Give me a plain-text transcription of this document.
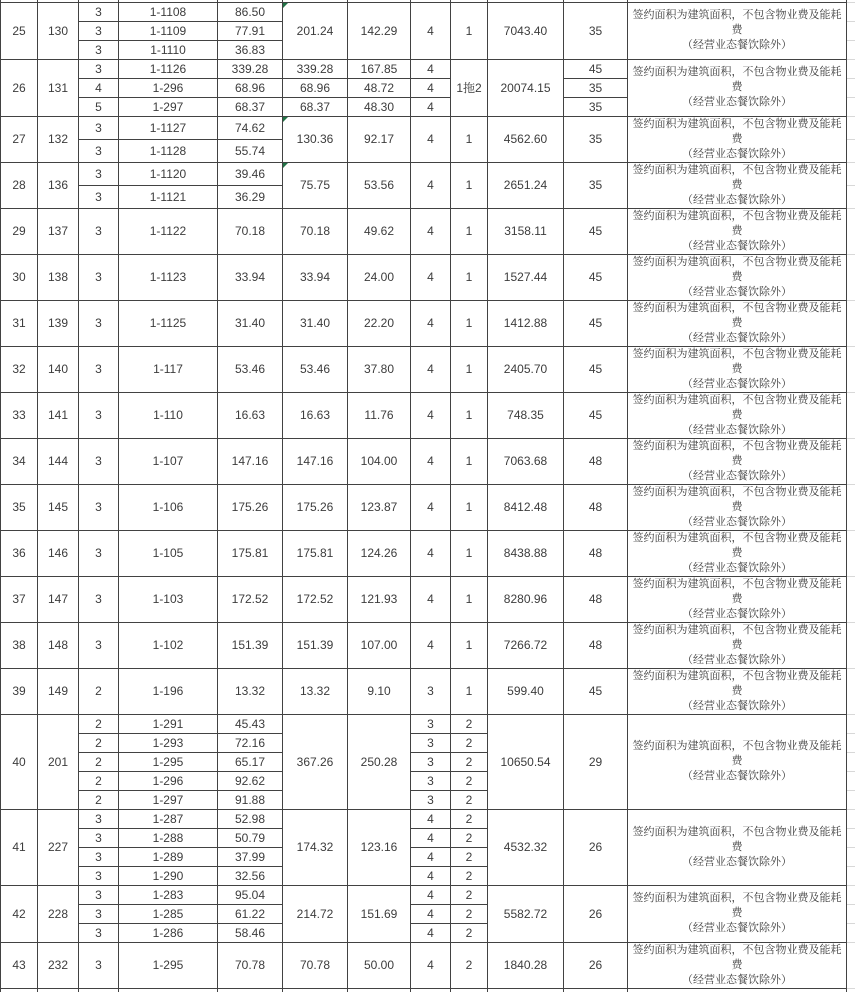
25	130	3	1-1108	86.50	201.24	142.29	4	1	7043.40	35	签约面积为建筑面积，不包含物业费及能耗费
（经营业态餐饮除外）	

		3	1-1109	77.91								
		3	1-1110	36.83								
26	131	3	1-1126	339.28	339.28	167.85	4	1拖2	20074.15	45	签约面积为建筑面积，不包含物业费及能耗费
（经营业态餐饮除外）	

		4	1-296	68.96	68.96	48.72	4			35		
		5	1-297	68.37	68.37	48.30	4			35		
27	132	3	1-1127	74.62	130.36	92.17	4	1	4562.60	35	签约面积为建筑面积，不包含物业费及能耗费
（经营业态餐饮除外）	

		3	1-1128	55.74								
28	136	3	1-1120	39.46	75.75	53.56	4	1	2651.24	35	签约面积为建筑面积，不包含物业费及能耗费
（经营业态餐饮除外）	

		3	1-1121	36.29								
29	137	3	1-1122	70.18	70.18	49.62	4	1	3158.11	45	签约面积为建筑面积，不包含物业费及能耗费
（经营业态餐饮除外）	

30	138	3	1-1123	33.94	33.94	24.00	4	1	1527.44	45	签约面积为建筑面积，不包含物业费及能耗费
（经营业态餐饮除外）	

31	139	3	1-1125	31.40	31.40	22.20	4	1	1412.88	45	签约面积为建筑面积，不包含物业费及能耗费
（经营业态餐饮除外）	

32	140	3	1-117	53.46	53.46	37.80	4	1	2405.70	45	签约面积为建筑面积，不包含物业费及能耗费
（经营业态餐饮除外）	

33	141	3	1-110	16.63	16.63	11.76	4	1	748.35	45	签约面积为建筑面积，不包含物业费及能耗费
（经营业态餐饮除外）	

34	144	3	1-107	147.16	147.16	104.00	4	1	7063.68	48	签约面积为建筑面积，不包含物业费及能耗费
（经营业态餐饮除外）	

35	145	3	1-106	175.26	175.26	123.87	4	1	8412.48	48	签约面积为建筑面积，不包含物业费及能耗费
（经营业态餐饮除外）	

36	146	3	1-105	175.81	175.81	124.26	4	1	8438.88	48	签约面积为建筑面积，不包含物业费及能耗费
（经营业态餐饮除外）	

37	147	3	1-103	172.52	172.52	121.93	4	1	8280.96	48	签约面积为建筑面积，不包含物业费及能耗费
（经营业态餐饮除外）	

38	148	3	1-102	151.39	151.39	107.00	4	1	7266.72	48	签约面积为建筑面积，不包含物业费及能耗费
（经营业态餐饮除外）	

39	149	2	1-196	13.32	13.32	9.10	3	1	599.40	45	签约面积为建筑面积，不包含物业费及能耗费
（经营业态餐饮除外）	

40	201	2	1-291	45.43	367.26	250.28	3	2	10650.54	29	签约面积为建筑面积，不包含物业费及能耗费
（经营业态餐饮除外）	

		2	1-293	72.16			3	2				
		2	1-295	65.17			3	2				
		2	1-296	92.62			3	2				
		2	1-297	91.88			3	2				
41	227	3	1-287	52.98	174.32	123.16	4	2	4532.32	26	签约面积为建筑面积，不包含物业费及能耗费
（经营业态餐饮除外）	

		3	1-288	50.79			4	2				
		3	1-289	37.99			4	2				
		3	1-290	32.56			4	2				
42	228	3	1-283	95.04	214.72	151.69	4	2	5582.72	26	签约面积为建筑面积，不包含物业费及能耗费
（经营业态餐饮除外）	

		3	1-285	61.22			4	2				
		3	1-286	58.46			4	2				
43	232	3	1-295	70.78	70.78	50.00	4	2	1840.28	26	签约面积为建筑面积，不包含物业费及能耗费
（经营业态餐饮除外）	
